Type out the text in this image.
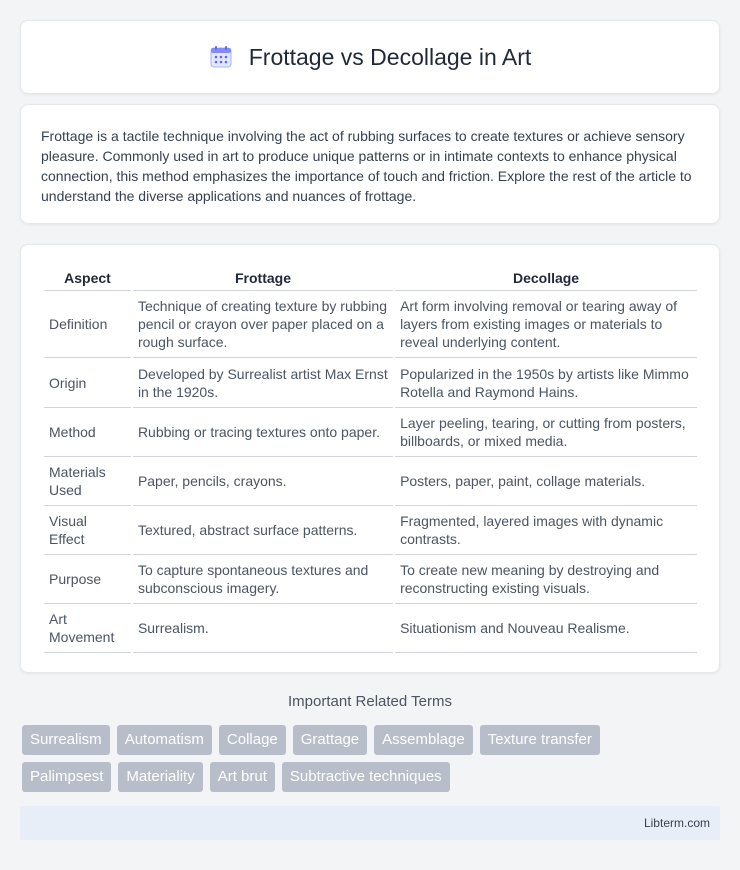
Frottage vs Decollage in Art

Frottage is a tactile technique involving the act of rubbing surfaces to create textures or achieve sensory pleasure. Commonly used in art to produce unique patterns or in intimate contexts to enhance physical connection, this method emphasizes the importance of touch and friction. Explore the rest of the article to understand the diverse applications and nuances of frottage.

Aspect	Frottage	Decollage
Definition	Technique of creating texture by rubbing pencil or crayon over paper placed on a rough surface.	Art form involving removal or tearing away of layers from existing images or materials to reveal underlying content.
Origin	Developed by Surrealist artist Max Ernst in the 1920s.	Popularized in the 1950s by artists like Mimmo Rotella and Raymond Hains.
Method	Rubbing or tracing textures onto paper.	Layer peeling, tearing, or cutting from posters, billboards, or mixed media.
Materials Used	Paper, pencils, crayons.	Posters, paper, paint, collage materials.
Visual Effect	Textured, abstract surface patterns.	Fragmented, layered images with dynamic contrasts.
Purpose	To capture spontaneous textures and subconscious imagery.	To create new meaning by destroying and reconstructing existing visuals.
Art Movement	Surrealism.	Situationism and Nouveau Realisme.
Important Related Terms
Surrealism	Automatism	Collage	Grattage	Assemblage	Texture transfer
Palimpsest	Materiality	Art brut	Subtractive techniques
Libterm.com
